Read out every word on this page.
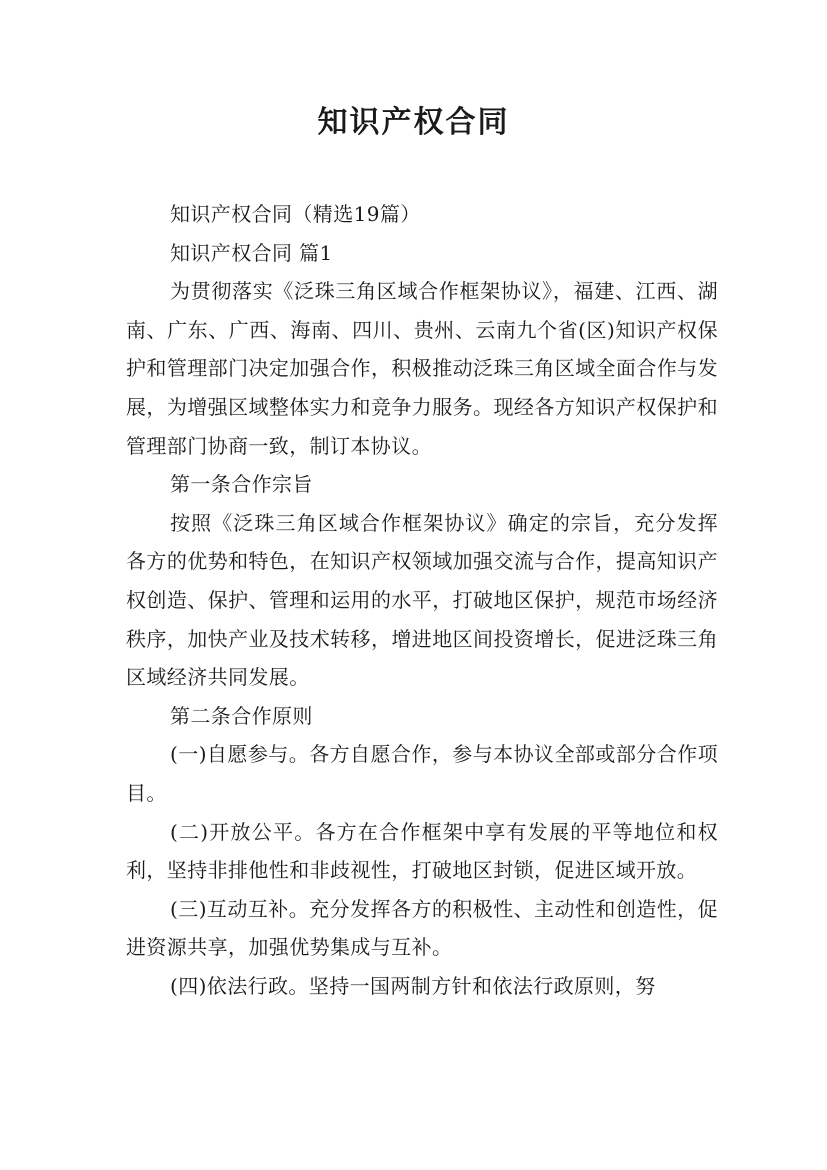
知识产权合同

知识产权合同（精选19篇）

知识产权合同 篇1

为贯彻落实《泛珠三角区域合作框架协议》，福建、江西、湖南、广东、广西、海南、四川、贵州、云南九个省(区)知识产权保护和管理部门决定加强合作，积极推动泛珠三角区域全面合作与发展，为增强区域整体实力和竞争力服务。现经各方知识产权保护和管理部门协商一致，制订本协议。

第一条合作宗旨

按照《泛珠三角区域合作框架协议》确定的宗旨，充分发挥各方的优势和特色，在知识产权领域加强交流与合作，提高知识产权创造、保护、管理和运用的水平，打破地区保护，规范市场经济秩序，加快产业及技术转移，增进地区间投资增长，促进泛珠三角区域经济共同发展。

第二条合作原则

(一)自愿参与。各方自愿合作，参与本协议全部或部分合作项目。

(二)开放公平。各方在合作框架中享有发展的平等地位和权利，坚持非排他性和非歧视性，打破地区封锁，促进区域开放。

(三)互动互补。充分发挥各方的积极性、主动性和创造性，促进资源共享，加强优势集成与互补。

(四)依法行政。坚持一国两制方针和依法行政原则，努
